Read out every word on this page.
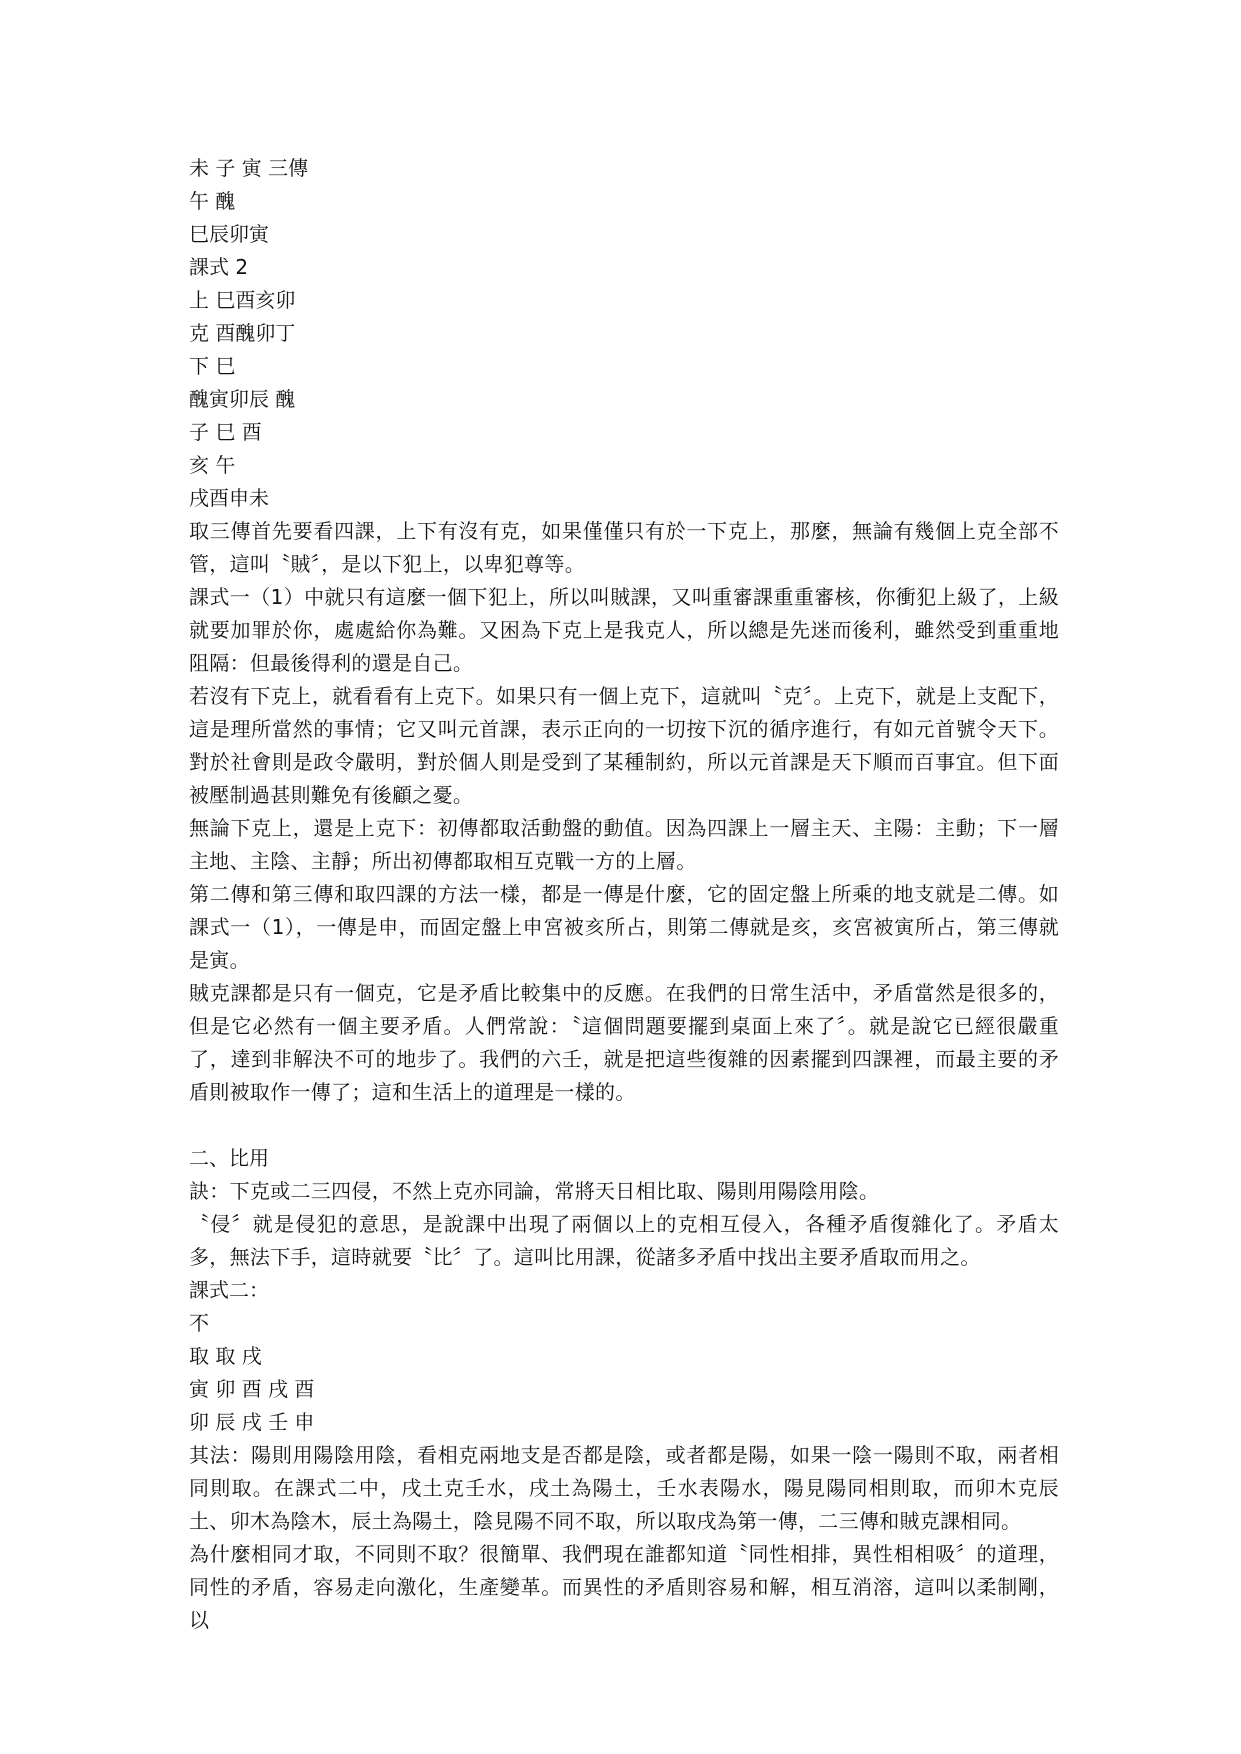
未 子 寅 三傳
午 醜
巳辰卯寅
課式 2
上 巳酉亥卯
克 酉醜卯丁
下 巳
醜寅卯辰 醜
子 巳 酉
亥 午
戌酉申未

取三傳首先要看四課，上下有沒有克，如果僅僅只有於一下克上，那麼，無論有幾個上克全部不管，這叫〝賊〞，是以下犯上，以卑犯尊等。

課式一（1）中就只有這麼一個下犯上，所以叫賊課，又叫重審課重重審核，你衝犯上級了，上級就要加罪於你，處處給你為難。又困為下克上是我克人，所以總是先迷而後利，雖然受到重重地阻隔：但最後得利的還是自己。

若沒有下克上，就看看有上克下。如果只有一個上克下，這就叫〝克〞。上克下，就是上支配下，這是理所當然的事情；它又叫元首課，表示正向的一切按下沉的循序進行，有如元首號令天下。對於社會則是政令嚴明，對於個人則是受到了某種制約，所以元首課是天下順而百事宜。但下面被壓制過甚則難免有後顧之憂。

無論下克上，還是上克下：初傳都取活動盤的動值。因為四課上一層主天、主陽：主動；下一層主地、主陰、主靜；所出初傳都取相互克戰一方的上層。

第二傳和第三傳和取四課的方法一樣，都是一傳是什麼，它的固定盤上所乘的地支就是二傳。如課式一（1），一傳是申，而固定盤上申宮被亥所占，則第二傳就是亥，亥宮被寅所占，第三傳就是寅。

賊克課都是只有一個克，它是矛盾比較集中的反應。在我們的日常生活中，矛盾當然是很多的，但是它必然有一個主要矛盾。人們常說：〝這個問題要擺到桌面上來了〞。就是說它已經很嚴重了，達到非解決不可的地步了。我們的六壬，就是把這些復雜的因素擺到四課裡，而最主要的矛盾則被取作一傳了；這和生活上的道理是一樣的。

二、比用

訣：下克或二三四侵，不然上克亦同論，常將天日相比取、陽則用陽陰用陰。

〝侵〞就是侵犯的意思，是說課中出現了兩個以上的克相互侵入，各種矛盾復雜化了。矛盾太多，無法下手，這時就要〝比〞了。這叫比用課，從諸多矛盾中找出主要矛盾取而用之。

課式二：
不
取 取 戌
寅 卯 酉 戌 酉
卯 辰 戌 壬 申

其法：陽則用陽陰用陰，看相克兩地支是否都是陰，或者都是陽，如果一陰一陽則不取，兩者相同則取。在課式二中，戌土克壬水，戌土為陽土，壬水表陽水，陽見陽同相則取，而卯木克辰土、卯木為陰木，辰土為陽土，陰見陽不同不取，所以取戌為第一傳，二三傳和賊克課相同。

為什麼相同才取，不同則不取？很簡單、我們現在誰都知道〝同性相排，異性相相吸〞的道理，同性的矛盾，容易走向激化，生產變革。而異性的矛盾則容易和解，相互消溶，這叫以柔制剛，以
